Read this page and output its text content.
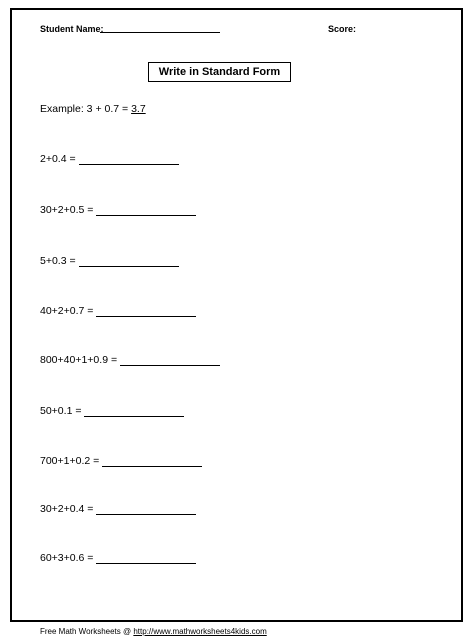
Student Name:	Score:
Write in Standard Form
Example: 3 + 0.7 = 3.7
2+0.4 =
30+2+0.5 =
5+0.3 =
40+2+0.7 =
800+40+1+0.9 =
50+0.1 =
700+1+0.2 =
30+2+0.4 =
60+3+0.6 =
Free Math Worksheets @ http://www.mathworksheets4kids.com
